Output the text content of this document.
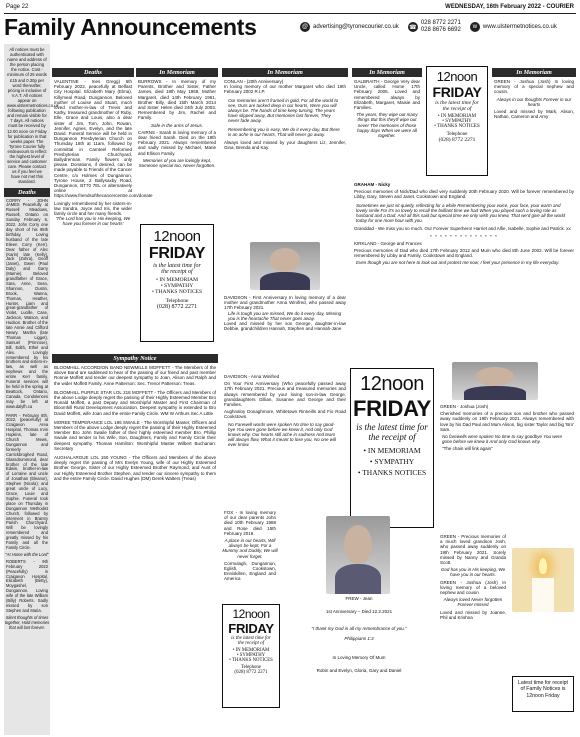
Page 22	WEDNESDAY, 16th February 2022 - COURIER
Family Announcements	@ advertising@tyronecourier.co.uk ☎
028 8772 2271
028 8676 6692	w www.ulstermetnotices.co.uk
All notices must be authenticated with name and address of the person placing the notice. Cost - minimum of 25 words £15 and 0.30p per word thereafter, pricing is inclusive of V.A.T. All notices appear on www.ulstermetnotices.co.uk following publication and remain visible for 7 days. All notices must be received by 12.00 noon on Friday for publication in that weeks paper. The Tyrone Courier fully endeavours to reflect the highest level of service and customer care. Please contact us if you feel we have not met this standard.
Deaths
CORRY - JOHN JAMES Peacefully at Russell Meadows, Russell, Ontario on Sunday February 6, 2022. John Corry one day short of his 95th birthday. Loving husband of the late Eileen Corry (Kerr). Dear father of Alec (Karin) late (Kelly), Jack (Zohra), Geoff (Janet), Gwen (Paul Daly) and Garry (Marnie). Beloved grandfather of Grace, Sara, Anne, Sean, Shannon, Dustin, Brook, Wanna, Thomas, Heather, Hunter, Liam and great-grandfather of Violet, Lucille, Case, Jackson, Watson, and Hudson. Brother of the late Annie and Clifford Newry. Martha (late Thomas Ligget), Samuel (Primrose), Bill, Edith, Ethel and Alex. Lovingly remembered by his brothers and sisters-in-law, as well as nephews and the entire Kerr family. Funeral services will be held in the spring at Beattock, Ontario, Canada. Condolences may be left at www.dalyfh.ca
PARR - February 8th, 2022, (peacefully) at Craigavon Area Hospital, Thomas Irvin Hopkins, late of Church Mews, Dungannon and formerly Carrickbroghed Road, Glassdrummond, dear brother of the late Edwin, brother-in-law of Lorraine and uncle of Jonathan (Eleanor), Stephen (Nicola); and great uncle of Lucy, Grace, Louie and Sophie. Funeral took place on Thursday in Dungannon Methodist Church, followed by interment in Brantry Parish Churchyard. Will be lovingly remembered and greatly missed by his Family and all the Family Circle.
"At Home with the Lord"
ROBERTS - 9th February 2022 (Peacefully) in Craigavon Hospital, Elizabeth (Betty), Moygashel, Dungannon. Loving wife of the late William (Billy) Roberts. Sadly missed by son Stephen and Maria.
Silent thoughts of times together, Hold memories that will last forever.
Deaths
VALENTINE - Ines Gregg) 6th February 2022, peacefully at Belfast City Hospital. Elizabeth Mary (Elma), Killymeal Road, Dungannon. Beloved mother of Louise and Stuart, much loved mother-in-law of Trevis and Kathy, treasured grandmother of Ruby, Elle, Grace and Louis, also a dear sister of Jim, Tom, John, Rowan, Jennifer, Agnes, Evelyn, and the late David. Funeral Service will be held in Dungannon Presbyterian Church on Thursday 16th at 11am, followed by committal in Carnteel Reformed Presbyterian Churchyard, Ballydrennan. Family flowers only please. Donations, if desired, can be made payable to Friends of the Cancer Centre, c/o Holmes of Dungannon, Tyrone House, 2 Ballysaxby Road, Dungannon, BT70 7EL or alternatively online at https://www.friendsofthecancercentre.com/donate
Lovingly remembered by her sisters-in-law Sandra, Joyce and Iris, the wider family circle and her many friends.
'The Lord has you in His keeping, We have you forever in our hearts'
In Memoriam
BURROWS - In memory of my Parents, Brother and Sister, Father James, died 18th May 1958, Mother Margaret, died 14th February 1961, Brother Billy, died 15th March 2014 and Sister Helen died 24th July 2003. Remembered by Jim, Rachel and Family.
Safe in the arms of Jesus.
CAIRNS - Sarah In loving memory of a dear friend Sarah. Died on the 19th February 2021. Always remembered and sadly missed by Michael, Marie and Ellison Family.
Memories of you are lovingly kept, Someone special too, Never forgotten.
12noon
FRIDAY
is the latest time for
the receipt of
• IN MEMORIAM
• SYMPATHY
• THANKS NOTICES
Telephone
(028) 8772 2271
Sympathy Notice
BLOOMHILL ACCORDION BAND NEWMILLS MOFFETT - The Members of the above Band are saddened to hear of the passing of our friend and past member Ronnie Moffett and tender our deepest sympathy to Joan, Alison and Ralph and the wider Moffett Family. Anne Patterson: Sec. Trevor Patterson: Treas.
BLOOMHILL PURPLE STAR LOL 218 MOFFETT - The Officers and Members of the above Lodge deeply regret the passing of their Highly Esteemed Member Bro Ronald Moffett, a past Deputy and Worshipful Master and First Chairman of Bloomhill Rural Development Association. Deepest sympathy is extended to Bro David Moffett, wife Joan and the entire Family Circle. WM W Arthurs Sec A Little
MOREE TEMPERANCE LOL 195 SWAILE - The Worshipful Master, Officers and Members of the above Lodge deeply regret the passing of their Highly Esteemed Member Bro John Swaile father of their highly esteemed member Bro. Phillip Swaile and tender to his Wife, Son, Daughters, Family and Family Circle their deepest sympathy. Thomas Hamilton: Worshipful Master Wilbert Buchanan: Secretary
AUGHALARGUE LOL 150 YOUNG - The Officers and Members of the above deeply regret the passing of Mrs Evelyn Young, wife of our Highly Esteemed Brother George, Sister of our Highly Esteemed Brother Raymond, and Aunt of our Highly Esteemed Brother Stephen, and tender our sincere sympathy to them and the entire Family Circle. David Hughes (DM) Derek Walters (Treas)
In Memoriam
CONLAN - (20th Anniversary)
In loving memory of our mother Margaret who died 19th February 2002 R.I.P.
Our memories aren't framed in gold, For all the world to see, Ours are tucked deep in our hearts, Were you will always be. The hands of time keep turning, The years have slipped away, But memories last forever, They never fade away.
Remembering you is easy, We do it every day, But there is an ache in our hearts, That will never go away.
Always loved and missed by your daughters Liz, Jennifer, Gina, Brenda and Kay.
DAVIDSON - First Anniversary In loving memory of a dear mother and grandmother Anna Winifred, who passed away 17th February 2021.
Life is tough you are missed, We do it every day, Missing you is the heartache That never goes away.
Loved and missed by her son George, daughter-in-law Debbie, grandchildren Hannah, Stephen and Hannah-Jane
In Memoriam
GALBRAITH - George Very dear Uncle, called Home 17th February 2005. Loved and remembered always by Elizabeth, Margaret, Maisie and Families.
The years, they wipe out many things But this they'll wipe out never The memories of those happy days When we were all together.
12noon
FRIDAY
is the latest time for
the receipt of
• IN MEMORIAM
• SYMPATHY
• THANKS NOTICES
Telephone
(028) 8772 2271
In Memoriam
GREEN - Joshua (Josh) In loving memory of a special nephew and cousin.
Always in our thoughts Forever in our hearts
Loved and missed by Mark, Alison, Nathan, Cameron and Amy
GRAHAM - Nicky
Precious memories of Nick/Dad who died very suddenly 20th February 2020. Will be forever remembered by Libby, Gary, Steven and Janet. Cookstown and England.
Sometimes we just sit quietly, reflecting for a while Remembering your voice, your face, your warm and lovely smile For it's so lovely to recall the brilliant time we had When you played such a loving role as husband and a Dad. And all this said but special time we only wish you knew, That we'd give all the world today for one more hour with you.
Granddad - We miss you so much. Our Forever Superhero! Harriet and Alfie, Isabelle, Sophie and Patrick. xx
* * * * * * * * * * * * * *
KIRKLAND - George and Frances
Precious memories of Dad who died 17th February 2012 and Mum who died 8th June 2002. Will be forever remembered by Libby and Family. Cookstown and England.
Even though you are not here to look out and protect me now, I feel your presence in my life everyday.
12noon
FRIDAY
is the latest time for
the receipt of
• IN MEMORIAM
• SYMPATHY
• THANKS NOTICES
GREEN - Joshua (Josh)
Cherished memories of a precious son and brother who passed away suddenly on 19th February 2021. Always remembered with love by his Dad Paul and Mum Alison, big sister Taylor and big 'Bro' Sam.
No farewells were spoken No time to say goodbye You were gone before we knew it And only God knows why.
"The chain will link again"
DAVIDSON - Anna Winifred
On Your First Anniversary (Who peacefully passed away 17th February 2021. Precious and treasured memories and always remembered by your loving son-in-law George, granddaughters Gillian, Susanne and George and their Families.
Aughnaloy Donaghmore, Whitetown Rinneills and Fio Road Cookstown.
No Farewell words were spoken No time to say good-bye You were gone before we knew it, And only God knows why. Our hearts still ache in sadness And tears will always flow, What it meant to lose you, No one will ever know.
FOX - In loving memory of our dear parents John died 10th February 1988 and Rose died 15th February 2019.
A place in our hearts, Will always be kept, For a Mummy and Daddy, We will never forget.
Cormulagh, Dungannon, Eglish, Cookstown, Enniskillen, England and America
12noon
FRIDAY
is the latest time for
the receipt of
• IN MEMORIAM
• SYMPATHY
• THANKS NOTICES
Telephone
(028) 8772 2271
FREW - Jean
1st Anniversary – Died 12.2.2021
"I thank my God in all my remembrance of you."
Philippians 1:3
In Loving Memory Of Mum
Robin and Evelyn, Gloria, Gary and Daniel
GREEN - Precious memories of a much loved grandson Josh, who passed away suddenly on 19th February 2021. Sorely missed by Nanny and Granda Scott.
God has you in His keeping, We have you in our hearts.
GREEN - Joshua (Josh) In loving memory of a beloved nephew and cousin
Always loved Never forgotten Forever missed
Loved and missed by Joanne, Phil and Krishna
Latest time for receipt of Family Notices is 12noon Friday
